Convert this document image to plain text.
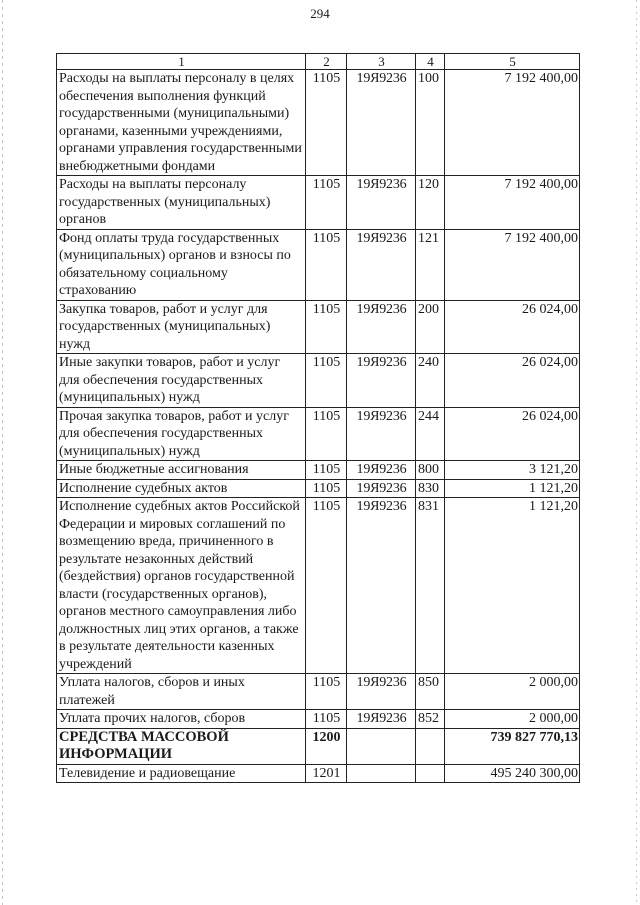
294
1	2	3	4	5
Расходы на выплаты персоналу в целях обеспечения выполнения функций государственными (муниципальными) органами, казенными учреждениями, органами управления государственными внебюджетными фондами	1105	19Я9236	100	7 192 400,00
Расходы на выплаты персоналу государственных (муниципальных) органов	1105	19Я9236	120	7 192 400,00
Фонд оплаты труда государственных (муниципальных) органов и взносы по обязательному социальному страхованию	1105	19Я9236	121	7 192 400,00
Закупка товаров, работ и услуг для государственных (муниципальных) нужд	1105	19Я9236	200	26 024,00
Иные закупки товаров, работ и услуг для обеспечения государственных (муниципальных) нужд	1105	19Я9236	240	26 024,00
Прочая закупка товаров, работ и услуг для обеспечения государственных (муниципальных) нужд	1105	19Я9236	244	26 024,00
Иные бюджетные ассигнования	1105	19Я9236	800	3 121,20
Исполнение судебных актов	1105	19Я9236	830	1 121,20
Исполнение судебных актов Российской Федерации и мировых соглашений по возмещению вреда, причиненного в результате незаконных действий (бездействия) органов государственной власти (государственных органов), органов местного самоуправления либо должностных лиц этих органов, а также в результате деятельности казенных учреждений	1105	19Я9236	831	1 121,20
Уплата налогов, сборов и иных платежей	1105	19Я9236	850	2 000,00
Уплата прочих налогов, сборов	1105	19Я9236	852	2 000,00
СРЕДСТВА МАССОВОЙ ИНФОРМАЦИИ	1200			739 827 770,13
Телевидение и радиовещание	1201			495 240 300,00
